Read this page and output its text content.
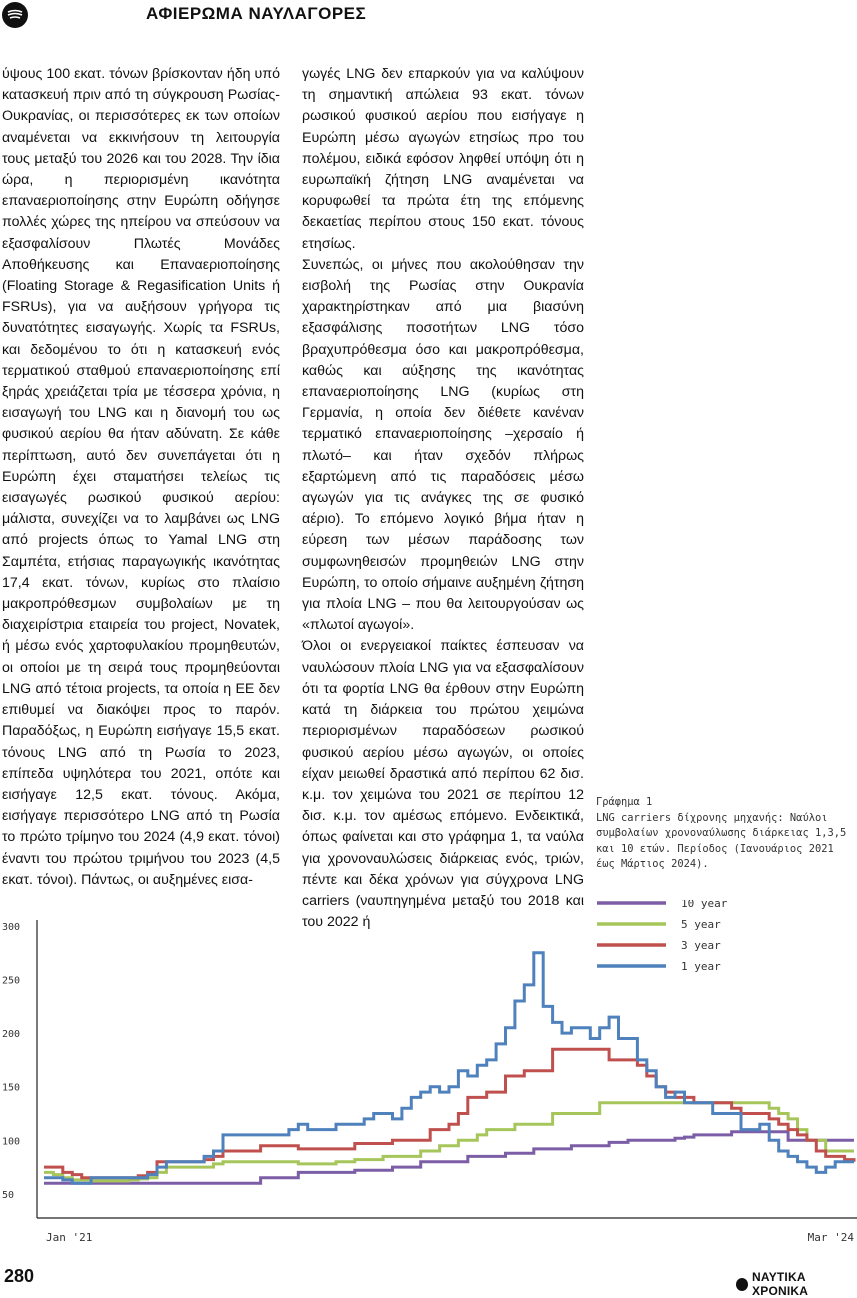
ΑΦΙΕΡΩΜΑ ΝΑΥΛΑΓΟΡΕΣ

ύψους 100 εκατ. τόνων βρίσκονταν ήδη υπό κατασκευή πριν από τη σύγκρουση Ρωσίας-Ουκρανίας, οι περισσότερες εκ των οποίων αναμένεται να εκκινήσουν τη λειτουργία τους μεταξύ του 2026 και του 2028. Την ίδια ώρα, η περιορισμένη ικανότητα επαναεριοποίησης στην Ευρώπη οδήγησε πολλές χώρες της ηπείρου να σπεύσουν να εξασφαλίσουν Πλωτές Μονάδες Αποθήκευσης και Επαναεριοποίησης (Floating Storage & Regasification Units ή FSRUs), για να αυξήσουν γρήγορα τις δυνατότητες εισαγωγής. Χωρίς τα FSRUs, και δεδομένου το ότι η κατασκευή ενός τερματικού σταθμού επαναεριοποίησης επί ξηράς χρειάζεται τρία με τέσσερα χρόνια, η εισαγωγή του LNG και η διανομή του ως φυσικού αερίου θα ήταν αδύνατη. Σε κάθε περίπτωση, αυτό δεν συνεπάγεται ότι η Ευρώπη έχει σταματήσει τελείως τις εισαγωγές ρωσικού φυσικού αερίου: μάλιστα, συνεχίζει να το λαμβάνει ως LNG από projects όπως το Yamal LNG στη Σαμπέτα, ετήσιας παραγωγικής ικανότητας 17,4 εκατ. τόνων, κυρίως στο πλαίσιο μακροπρόθεσμων συμβολαίων με τη διαχειρίστρια εταιρεία του project, Novatek, ή μέσω ενός χαρτοφυλακίου προμηθευτών, οι οποίοι με τη σειρά τους προμηθεύονται LNG από τέτοια projects, τα οποία η ΕΕ δεν επιθυμεί να διακόψει προς το παρόν. Παραδόξως, η Ευρώπη εισήγαγε 15,5 εκατ. τόνους LNG από τη Ρωσία το 2023, επίπεδα υψηλότερα του 2021, οπότε και εισήγαγε 12,5 εκατ. τόνους. Ακόμα, εισήγαγε περισσότερο LNG από τη Ρωσία το πρώτο τρίμηνο του 2024 (4,9 εκατ. τόνοι) έναντι του πρώτου τριμήνου του 2023 (4,5 εκατ. τόνοι). Πάντως, οι αυξημένες εισα-

γωγές LNG δεν επαρκούν για να καλύψουν τη σημαντική απώλεια 93 εκατ. τόνων ρωσικού φυσικού αερίου που εισήγαγε η Ευρώπη μέσω αγωγών ετησίως προ του πολέμου, ειδικά εφόσον ληφθεί υπόψη ότι η ευρωπαϊκή ζήτηση LNG αναμένεται να κορυφωθεί τα πρώτα έτη της επόμενης δεκαετίας περίπου στους 150 εκατ. τόνους ετησίως.

Συνεπώς, οι μήνες που ακολούθησαν την εισβολή της Ρωσίας στην Ουκρανία χαρακτηρίστηκαν από μια βιασύνη εξασφάλισης ποσοτήτων LNG τόσο βραχυπρόθεσμα όσο και μακροπρόθεσμα, καθώς και αύξησης της ικανότητας επαναεριοποίησης LNG (κυρίως στη Γερμανία, η οποία δεν διέθετε κανέναν τερματικό επαναεριοποίησης –χερσαίο ή πλωτό– και ήταν σχεδόν πλήρως εξαρτώμενη από τις παραδόσεις μέσω αγωγών για τις ανάγκες της σε φυσικό αέριο). Το επόμενο λογικό βήμα ήταν η εύρεση των μέσων παράδοσης των συμφωνηθεισών προμηθειών LNG στην Ευρώπη, το οποίο σήμαινε αυξημένη ζήτηση για πλοία LNG – που θα λειτουργούσαν ως «πλωτοί αγωγοί».

Όλοι οι ενεργειακοί παίκτες έσπευσαν να ναυλώσουν πλοία LNG για να εξασφαλίσουν ότι τα φορτία LNG θα έρθουν στην Ευρώπη κατά τη διάρκεια του πρώτου χειμώνα περιορισμένων παραδόσεων ρωσικού φυσικού αερίου μέσω αγωγών, οι οποίες είχαν μειωθεί δραστικά από περίπου 62 δισ. κ.μ. τον χειμώνα του 2021 σε περίπου 12 δισ. κ.μ. τον αμέσως επόμενο. Ενδεικτικά, όπως φαίνεται και στο γράφημα 1, τα ναύλα για χρονοναυλώσεις διάρκειας ενός, τριών, πέντε και δέκα χρόνων για σύγχρονα LNG carriers (ναυπηγημένα μεταξύ του 2018 και του 2022 ή

Γράφημα 1
LNG carriers δίχρονης μηχανής: Ναύλοι συμβολαίων χρονοναύλωσης διάρκειας 1,3,5 και 10 ετών. Περίοδος (Ιανουάριος 2021 έως Μάρτιος 2024).
10 year
5 year
3 year
1 year
50
100
150
200
250
300
Jan '21	Mar '24
280	ΝΑΥΤΙΚΑ ΧΡΟΝΙΚΑ
